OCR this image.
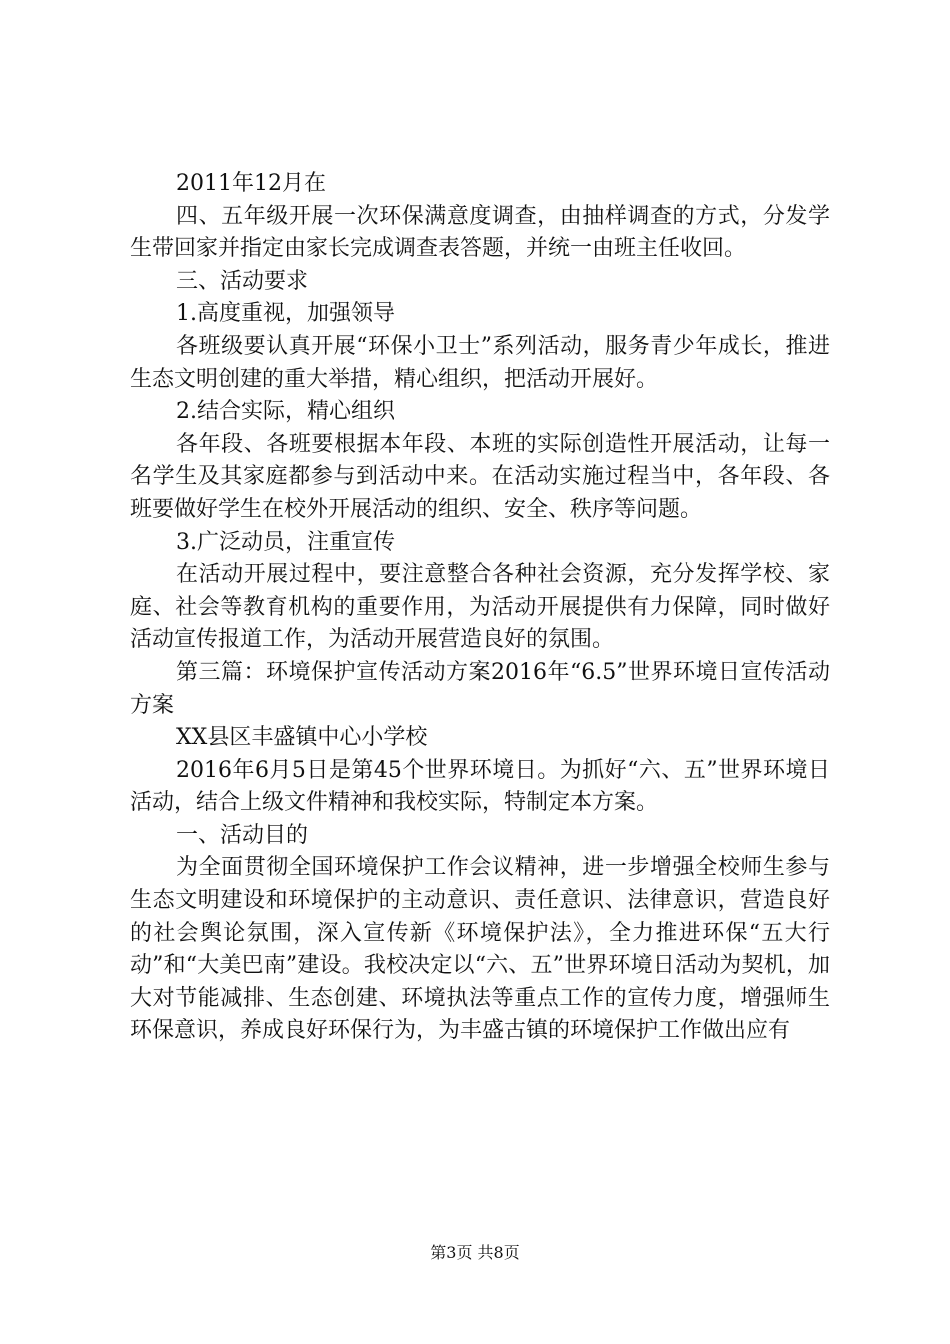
2011年12月在

四、五年级开展一次环保满意度调查，由抽样调查的方式，分发学生带回家并指定由家长完成调查表答题，并统一由班主任收回。

三、活动要求

1.高度重视，加强领导

各班级要认真开展“环保小卫士”系列活动，服务青少年成长，推进生态文明创建的重大举措，精心组织，把活动开展好。

2.结合实际，精心组织

各年段、各班要根据本年段、本班的实际创造性开展活动，让每一名学生及其家庭都参与到活动中来。在活动实施过程当中，各年段、各班要做好学生在校外开展活动的组织、安全、秩序等问题。

3.广泛动员，注重宣传

在活动开展过程中，要注意整合各种社会资源，充分发挥学校、家庭、社会等教育机构的重要作用，为活动开展提供有力保障，同时做好活动宣传报道工作，为活动开展营造良好的氛围。

第三篇：环境保护宣传活动方案2016年“6.5”世界环境日宣传活动方案

XX县区丰盛镇中心小学校

2016年6月5日是第45个世界环境日。为抓好“六、五”世界环境日活动，结合上级文件精神和我校实际，特制定本方案。

一、活动目的

为全面贯彻全国环境保护工作会议精神，进一步增强全校师生参与生态文明建设和环境保护的主动意识、责任意识、法律意识，营造良好的社会舆论氛围，深入宣传新《环境保护法》，全力推进环保“五大行动”和“大美巴南”建设。我校决定以“六、五”世界环境日活动为契机，加大对节能减排、生态创建、环境执法等重点工作的宣传力度，增强师生环保意识，养成良好环保行为，为丰盛古镇的环境保护工作做出应有

第3页 共8页
